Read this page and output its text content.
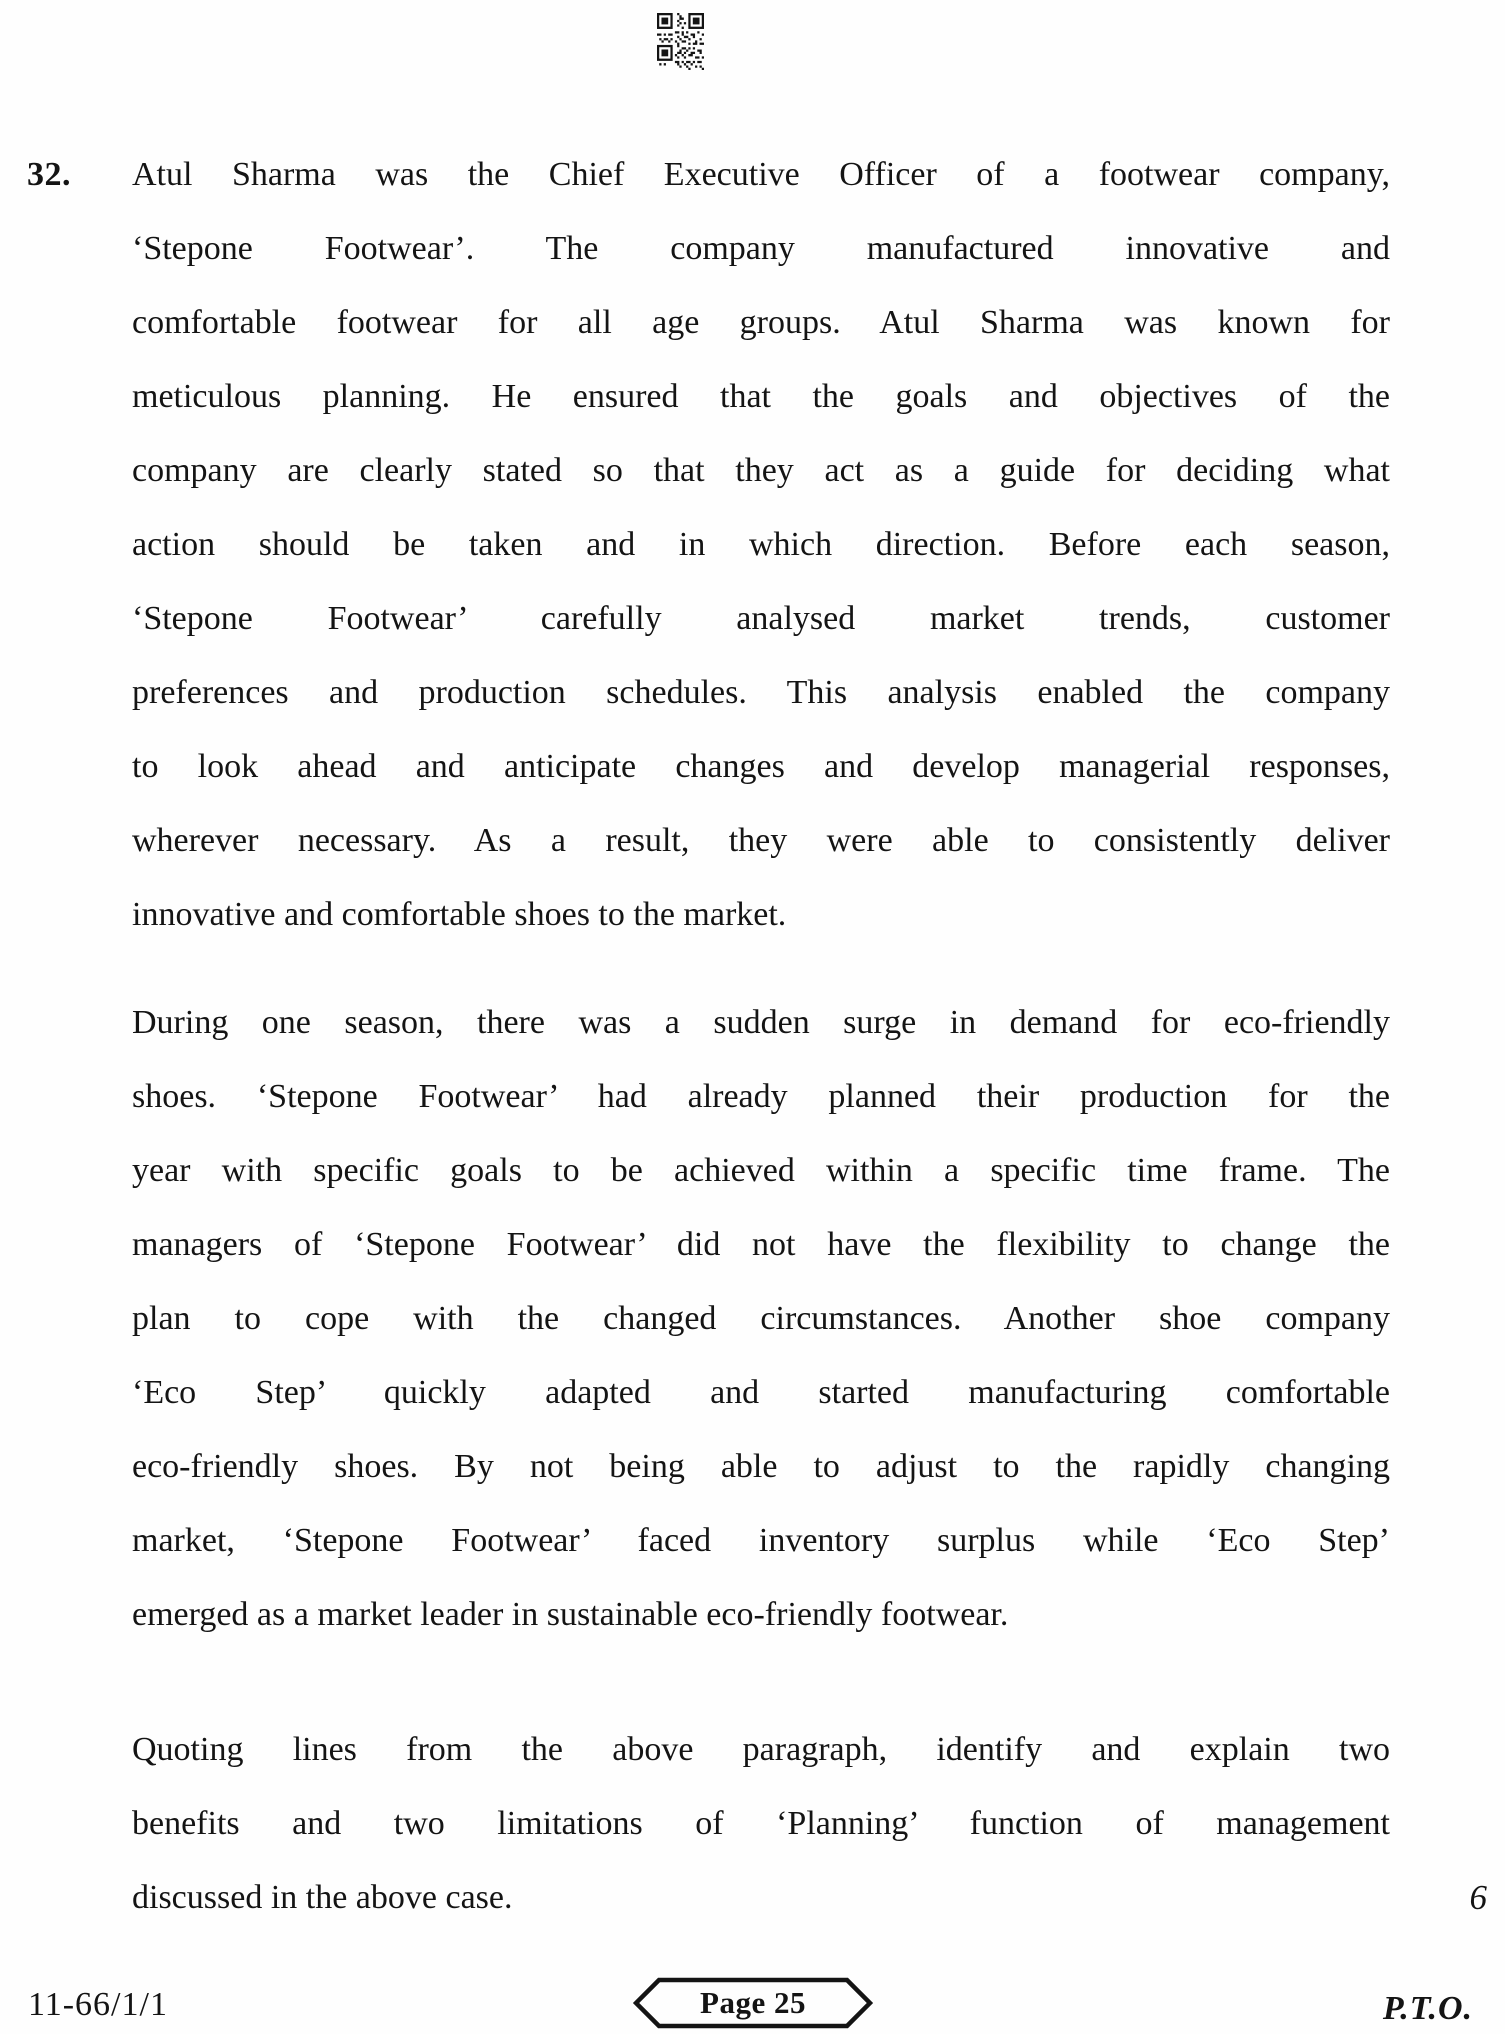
32.	Atul Sharma was the Chief Executive Officer of a footwear company,
‘Stepone Footwear’. The company manufactured innovative and
comfortable footwear for all age groups. Atul Sharma was known for
meticulous planning. He ensured that the goals and objectives of the
company are clearly stated so that they act as a guide for deciding what
action should be taken and in which direction. Before each season,
‘Stepone Footwear’ carefully analysed market trends, customer
preferences and production schedules. This analysis enabled the company
to look ahead and anticipate changes and develop managerial responses,
wherever necessary. As a result, they were able to consistently deliver
innovative and comfortable shoes to the market.
During one season, there was a sudden surge in demand for eco-friendly
shoes. ‘Stepone Footwear’ had already planned their production for the
year with specific goals to be achieved within a specific time frame. The
managers of ‘Stepone Footwear’ did not have the flexibility to change the
plan to cope with the changed circumstances. Another shoe company
‘Eco Step’ quickly adapted and started manufacturing comfortable
eco-friendly shoes. By not being able to adjust to the rapidly changing
market, ‘Stepone Footwear’ faced inventory surplus while ‘Eco Step’
emerged as a market leader in sustainable eco-friendly footwear.
Quoting lines from the above paragraph, identify and explain two
benefits and two limitations of ‘Planning’ function of management
discussed in the above case.	6
11-66/1/1	Page 25	P.T.O.
